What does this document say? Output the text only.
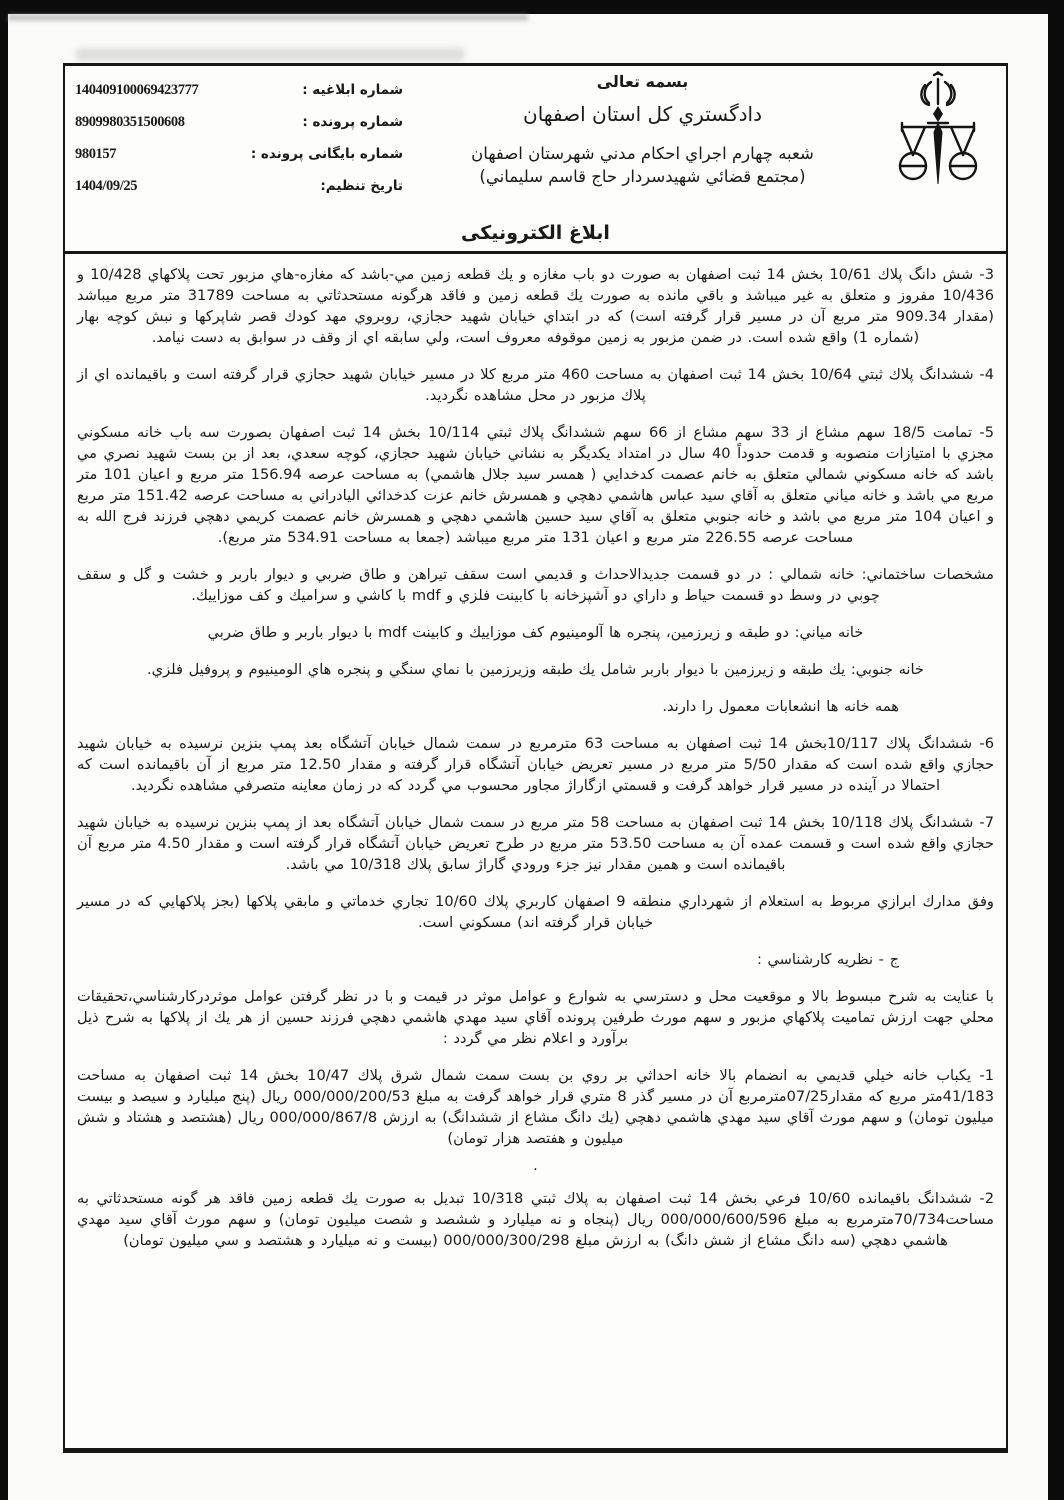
شماره ابلاغيه :
140409100069423777
شماره پرونده :
8909980351500608
شماره بایگانی پرونده :
980157
تاریخ تنظیم:
1404/09/25
بسمه تعالی
دادگستري کل استان اصفهان
شعبه چهارم اجراي احکام مدني شهرستان اصفهان
(مجتمع قضائي شهیدسردار حاج قاسم سلیماني)
ابلاغ الکترونیکی

3- شش دانگ پلاك 10/61 بخش 14 ثبت اصفهان به صورت دو باب مغازه و يك قطعه زمين مي-باشد كه مغازه-هاي مزبور تحت پلاكهاي 10/428 و 10/436 مفروز و متعلق به غير ميباشد و باقي مانده به صورت يك قطعه زمين و فاقد هرگونه مستحدثاتي به مساحت 31789 متر مربع ميباشد (مقدار 909.34 متر مربع آن در مسير قرار گرفته است) كه در ابتداي خيابان شهيد حجازي، روبروي مهد كودك قصر شاپركها و نبش كوچه بهار (شماره 1) واقع شده است. در ضمن مزبور به زمين موقوفه معروف است، ولي سابقه اي از وقف در سوابق به دست نيامد.

4- ششدانگ پلاك ثبتي 10/64 بخش 14 ثبت اصفهان به مساحت 460 متر مربع كلا در مسير خيابان شهيد حجازي قرار گرفته است و باقيمانده اي از پلاك مزبور در محل مشاهده نگرديد.

5- تمامت 18/5 سهم مشاع از 33 سهم مشاع از 66 سهم ششدانگ پلاك ثبتي 10/114 بخش 14 ثبت اصفهان بصورت سه باب خانه مسكوني مجزي با امتيازات منصوبه و قدمت حدوداً 40 سال در امتداد يكديگر به نشاني خيابان شهيد حجازي، كوچه سعدي، بعد از بن بست شهيد نصري مي باشد كه خانه مسكوني شمالي متعلق به خانم عصمت كدخدايي ( همسر سيد جلال هاشمي) به مساحت عرصه 156.94 متر مربع و اعيان 101 متر مربع مي باشد و خانه مياني متعلق به آقاي سيد عباس هاشمي دهچي و همسرش خانم عزت كدخدائي اليادراني به مساحت عرصه 151.42 متر مربع و اعيان 104 متر مربع مي باشد و خانه جنوبي متعلق به آقاي سيد حسين هاشمي دهچي و همسرش خانم عصمت كريمي دهچي فرزند فرج الله به مساحت عرصه 226.55 متر مربع و اعيان 131 متر مربع ميباشد (جمعا به مساحت 534.91 متر مربع).

مشخصات ساختماني: خانه شمالي : در دو قسمت جديدالاحداث و قديمي است سقف تيراهن و طاق ضربي و ديوار باربر و خشت و گل و سقف چوبي در وسط دو قسمت حياط و داراي دو آشپزخانه با كابينت فلزي و mdf با كاشي و سراميك و كف موزاييك.

خانه مياني: دو طبقه و زيرزمين، پنجره ها آلومينيوم كف موزاييك و كابينت mdf با ديوار باربر و طاق ضربي

خانه جنوبي: يك طبقه و زيرزمين با ديوار باربر شامل يك طبقه وزيرزمين با نماي سنگي و پنجره هاي الومينيوم و پروفيل فلزي.

همه خانه ها انشعابات معمول را دارند.

6- ششدانگ پلاك 10/117بخش 14 ثبت اصفهان به مساحت 63 مترمربع در سمت شمال خيابان آتشگاه بعد پمپ بنزين نرسيده به خيابان شهيد حجازي واقع شده است كه مقدار 5/50 متر مربع در مسير تعريض خيابان آتشگاه قرار گرفته و مقدار 12.50 متر مربع از آن باقيمانده است كه احتمالا در آينده در مسير قرار خواهد گرفت و قسمتي ازگاراژ مجاور محسوب مي گردد كه در زمان معاينه متصرفي مشاهده نگرديد.

7- ششدانگ پلاك 10/118 بخش 14 ثبت اصفهان به مساحت 58 متر مربع در سمت شمال خيابان آتشگاه بعد از پمپ بنزين نرسيده به خيابان شهيد حجازي واقع شده است و قسمت عمده آن به مساحت 53.50 متر مربع در طرح تعريض خيابان آتشگاه قرار گرفته است و مقدار 4.50 متر مربع آن باقيمانده است و همين مقدار نيز جزء ورودي گاراژ سابق پلاك 10/318 مي باشد.

وفق مدارك ابرازي مربوط به استعلام از شهرداري منطقه 9 اصفهان كاربري پلاك 10/60 تجاري خدماتي و مابقي پلاكها (بجز پلاكهايي كه در مسير خيابان قرار گرفته اند) مسكوني است.

ج - نظريه كارشناسي :

با عنايت به شرح مبسوط بالا و موقعيت محل و دسترسي به شوارع و عوامل موثر در قيمت و با در نظر گرفتن عوامل موثردركارشناسي،تحقيقات محلي جهت ارزش تماميت پلاكهاي مزبور و سهم مورث طرفين پرونده آقاي سيد مهدي هاشمي دهچي فرزند حسين از هر يك از پلاكها به شرح ذيل برآورد و اعلام نظر مي گردد :

1- يكباب خانه خيلي قديمي به انضمام بالا خانه احداثي بر روي بن بست سمت شمال شرق پلاك 10/47 بخش 14 ثبت اصفهان به مساحت 41/183متر مربع كه مقدار07/25مترمربع آن در مسير گذر 8 متري قرار خواهد گرفت به مبلغ 000/000/200/53 ريال (پنج ميليارد و سيصد و بيست ميليون تومان) و سهم مورث آقاي سيد مهدي هاشمي دهچي (يك دانگ مشاع از ششدانگ) به ارزش 000/000/867/8 ريال (هشتصد و هشتاد و شش ميليون و هفتصد هزار تومان)

.

2- ششدانگ باقيمانده 10/60 فرعي بخش 14 ثبت اصفهان به پلاك ثبتي 10/318 تبديل به صورت يك قطعه زمين فاقد هر گونه مستحدثاتي به مساحت70/734مترمربع به مبلغ 000/000/600/596 ريال (پنجاه و نه ميليارد و ششصد و شصت ميليون تومان) و سهم مورث آقاي سيد مهدي هاشمي دهچي (سه دانگ مشاع از شش دانگ) به ارزش مبلغ 000/000/300/298 (بيست و نه ميليارد و هشتصد و سي ميليون تومان)
